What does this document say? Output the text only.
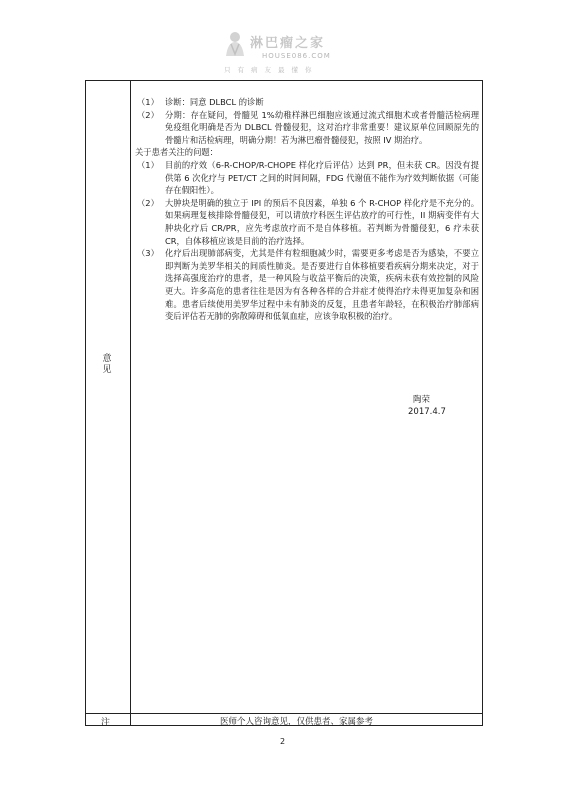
淋巴瘤之家
HOUSE086.COM
只有病友最懂你
意见
注	医师个人咨询意见，仅供患者、家属参考
（1） 诊断：同意 DLBCL 的诊断
（2） 分期：存在疑问，骨髓见 1%幼稚样淋巴细胞应该通过流式细胞术或者骨髓活检病理免疫组化明确是否为 DLBCL 骨髓侵犯，这对治疗非常重要！建议原单位回顾原先的骨髓片和活检病理，明确分期！若为淋巴瘤骨髓侵犯，按照 IV 期治疗。
关于患者关注的问题：
（1） 目前的疗效（6-R-CHOP/R-CHOPE 样化疗后评估）达到 PR，但未获 CR。因没有提供第 6 次化疗与 PET/CT 之间的时间间隔，FDG 代谢值不能作为疗效判断依据（可能存在假阳性）。
（2） 大肿块是明确的独立于 IPI 的预后不良因素，单独 6 个 R-CHOP 样化疗是不充分的。如果病理复核排除骨髓侵犯，可以请放疗科医生评估放疗的可行性，II 期病变伴有大肿块化疗后 CR/PR，应先考虑放疗而不是自体移植。若判断为骨髓侵犯，6 疗未获 CR，自体移植应该是目前的治疗选择。
（3） 化疗后出现肺部病变，尤其是伴有粒细胞减少时，需要更多考虑是否为感染，不要立即判断为美罗华相关的间质性肺炎。是否要进行自体移植要看疾病分期来决定，对于选择高强度治疗的患者，是一种风险与收益平衡后的决策，疾病未获有效控制的风险更大。许多高危的患者往往是因为有各种各样的合并症才使得治疗未得更加复杂和困难。患者后续使用美罗华过程中未有肺炎的反复，且患者年龄轻，在积极治疗肺部病变后评估若无肺的弥散障碍和低氧血症，应该争取积极的治疗。
陶荣
2017.4.7
2
